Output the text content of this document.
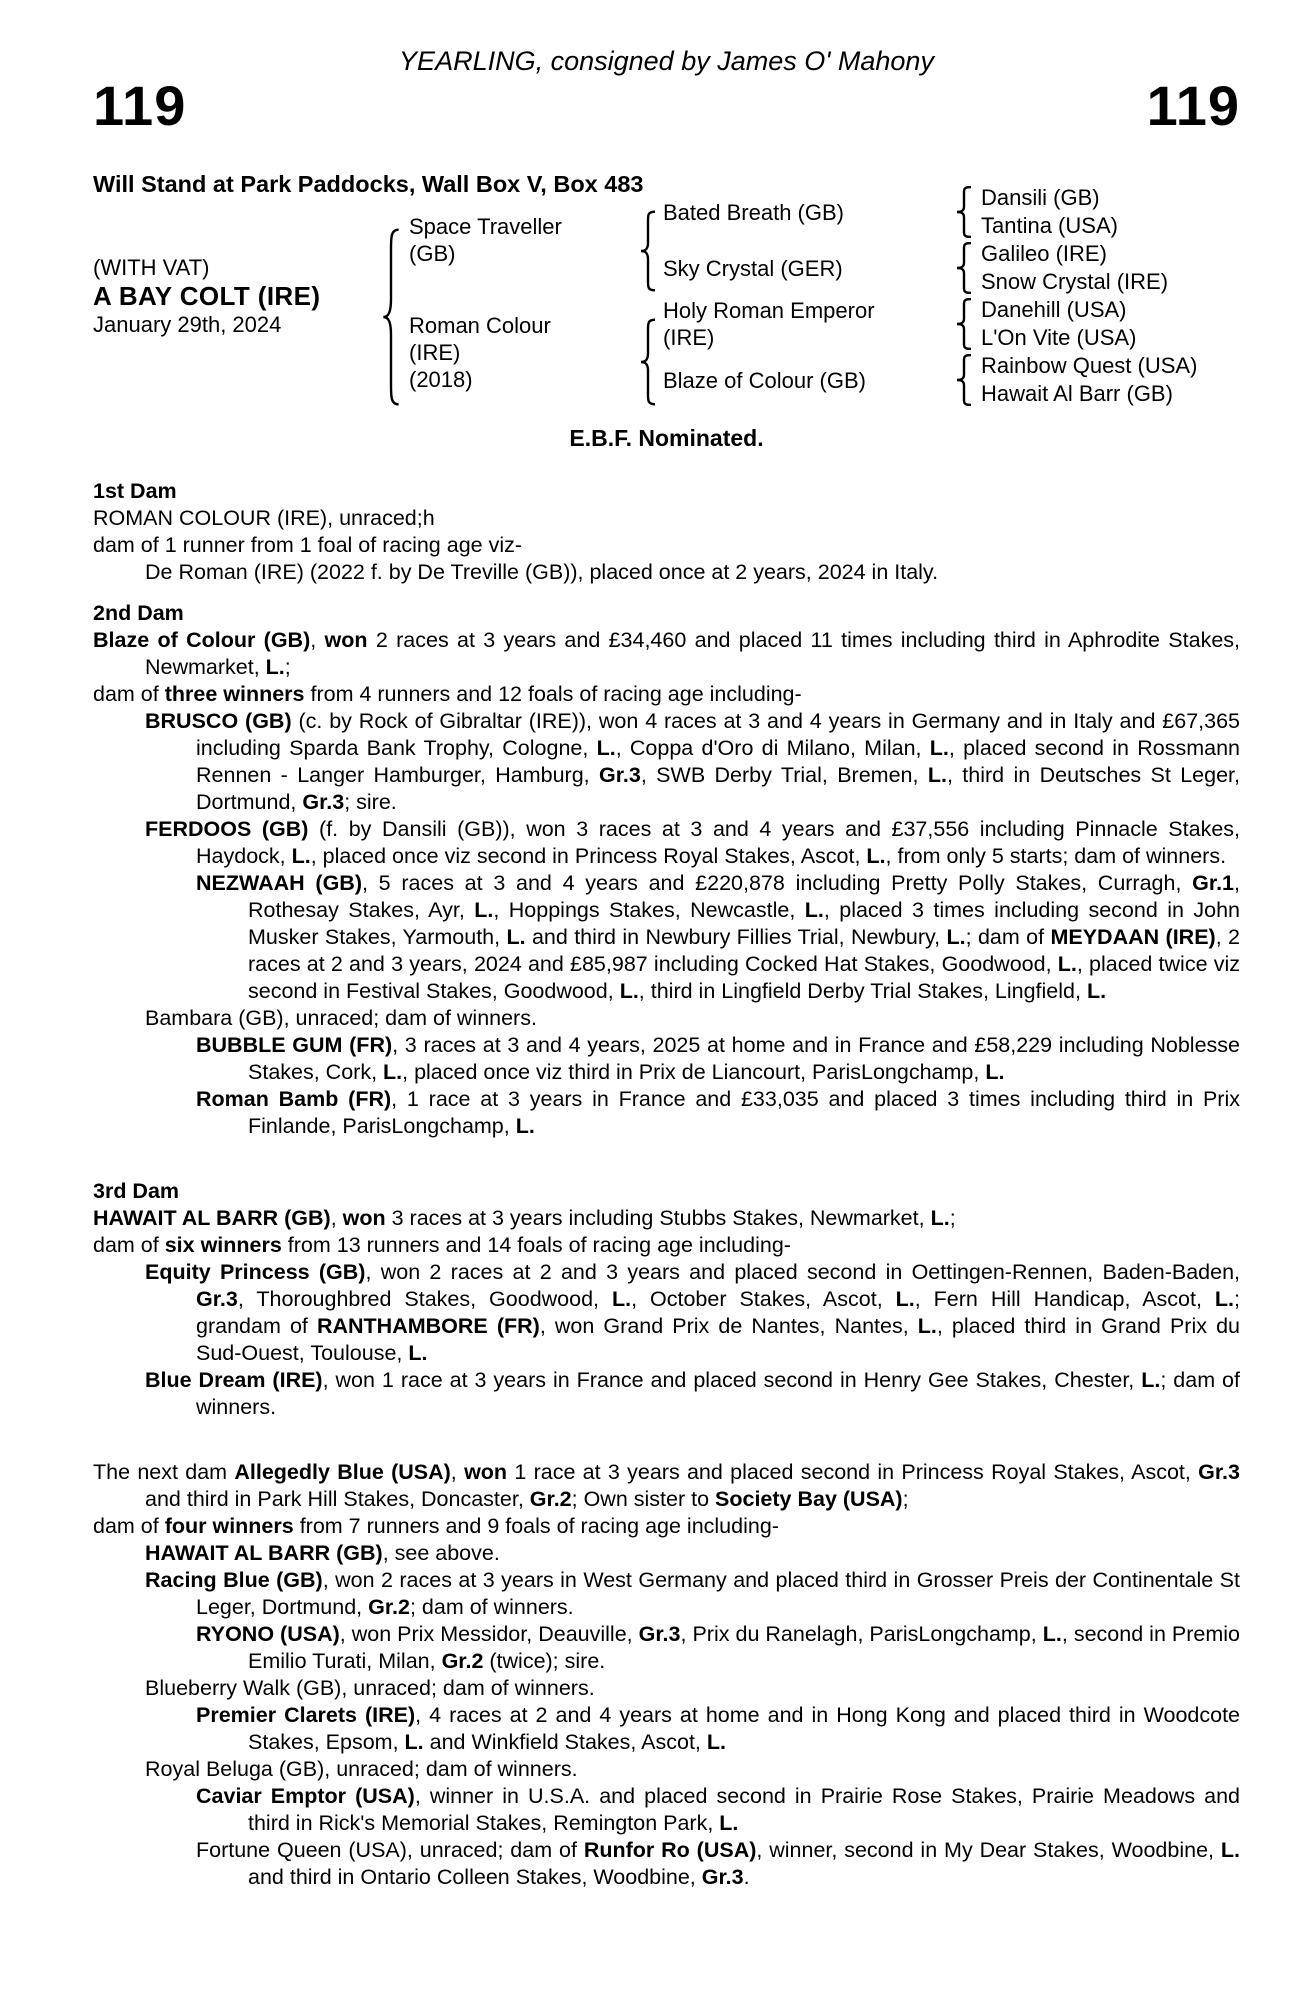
YEARLING, consigned by James O' Mahony
119	119
Will Stand at Park Paddocks, Wall Box V, Box 483
(WITH VAT)
A BAY COLT (IRE)
January 29th, 2024
Space Traveller
(GB)
Roman Colour
(IRE)
(2018)
Bated Breath (GB)
Sky Crystal (GER)
Holy Roman Emperor
(IRE)
Blaze of Colour (GB)
Dansili (GB)
Tantina (USA)
Galileo (IRE)
Snow Crystal (IRE)
Danehill (USA)
L'On Vite (USA)
Rainbow Quest (USA)
Hawait Al Barr (GB)
E.B.F. Nominated.
1st Dam
ROMAN COLOUR (IRE), unraced;h
dam of 1 runner from 1 foal of racing age viz-
De Roman (IRE) (2022 f. by De Treville (GB)), placed once at 2 years, 2024 in Italy.
2nd Dam
Blaze of Colour (GB), won 2 races at 3 years and £34,460 and placed 11 times including third in Aphrodite Stakes, Newmarket, L.;
dam of three winners from 4 runners and 12 foals of racing age including-
BRUSCO (GB) (c. by Rock of Gibraltar (IRE)), won 4 races at 3 and 4 years in Germany and in Italy and £67,365 including Sparda Bank Trophy, Cologne, L., Coppa d'Oro di Milano, Milan, L., placed second in Rossmann Rennen - Langer Hamburger, Hamburg, Gr.3, SWB Derby Trial, Bremen, L., third in Deutsches St Leger, Dortmund, Gr.3; sire.
FERDOOS (GB) (f. by Dansili (GB)), won 3 races at 3 and 4 years and £37,556 including Pinnacle Stakes, Haydock, L., placed once viz second in Princess Royal Stakes, Ascot, L., from only 5 starts; dam of winners.
NEZWAAH (GB), 5 races at 3 and 4 years and £220,878 including Pretty Polly Stakes, Curragh, Gr.1, Rothesay Stakes, Ayr, L., Hoppings Stakes, Newcastle, L., placed 3 times including second in John Musker Stakes, Yarmouth, L. and third in Newbury Fillies Trial, Newbury, L.; dam of MEYDAAN (IRE), 2 races at 2 and 3 years, 2024 and £85,987 including Cocked Hat Stakes, Goodwood, L., placed twice viz second in Festival Stakes, Goodwood, L., third in Lingfield Derby Trial Stakes, Lingfield, L.
Bambara (GB), unraced; dam of winners.
BUBBLE GUM (FR), 3 races at 3 and 4 years, 2025 at home and in France and £58,229 including Noblesse Stakes, Cork, L., placed once viz third in Prix de Liancourt, ParisLongchamp, L.
Roman Bamb (FR), 1 race at 3 years in France and £33,035 and placed 3 times including third in Prix Finlande, ParisLongchamp, L.
3rd Dam
HAWAIT AL BARR (GB), won 3 races at 3 years including Stubbs Stakes, Newmarket, L.;
dam of six winners from 13 runners and 14 foals of racing age including-
Equity Princess (GB), won 2 races at 2 and 3 years and placed second in Oettingen-Rennen, Baden-Baden, Gr.3, Thoroughbred Stakes, Goodwood, L., October Stakes, Ascot, L., Fern Hill Handicap, Ascot, L.; grandam of RANTHAMBORE (FR), won Grand Prix de Nantes, Nantes, L., placed third in Grand Prix du Sud-Ouest, Toulouse, L.
Blue Dream (IRE), won 1 race at 3 years in France and placed second in Henry Gee Stakes, Chester, L.; dam of winners.
The next dam Allegedly Blue (USA), won 1 race at 3 years and placed second in Princess Royal Stakes, Ascot, Gr.3 and third in Park Hill Stakes, Doncaster, Gr.2; Own sister to Society Bay (USA);
dam of four winners from 7 runners and 9 foals of racing age including-
HAWAIT AL BARR (GB), see above.
Racing Blue (GB), won 2 races at 3 years in West Germany and placed third in Grosser Preis der Continentale St Leger, Dortmund, Gr.2; dam of winners.
RYONO (USA), won Prix Messidor, Deauville, Gr.3, Prix du Ranelagh, ParisLongchamp, L., second in Premio Emilio Turati, Milan, Gr.2 (twice); sire.
Blueberry Walk (GB), unraced; dam of winners.
Premier Clarets (IRE), 4 races at 2 and 4 years at home and in Hong Kong and placed third in Woodcote Stakes, Epsom, L. and Winkfield Stakes, Ascot, L.
Royal Beluga (GB), unraced; dam of winners.
Caviar Emptor (USA), winner in U.S.A. and placed second in Prairie Rose Stakes, Prairie Meadows and third in Rick's Memorial Stakes, Remington Park, L.
Fortune Queen (USA), unraced; dam of Runfor Ro (USA), winner, second in My Dear Stakes, Woodbine, L. and third in Ontario Colleen Stakes, Woodbine, Gr.3.
